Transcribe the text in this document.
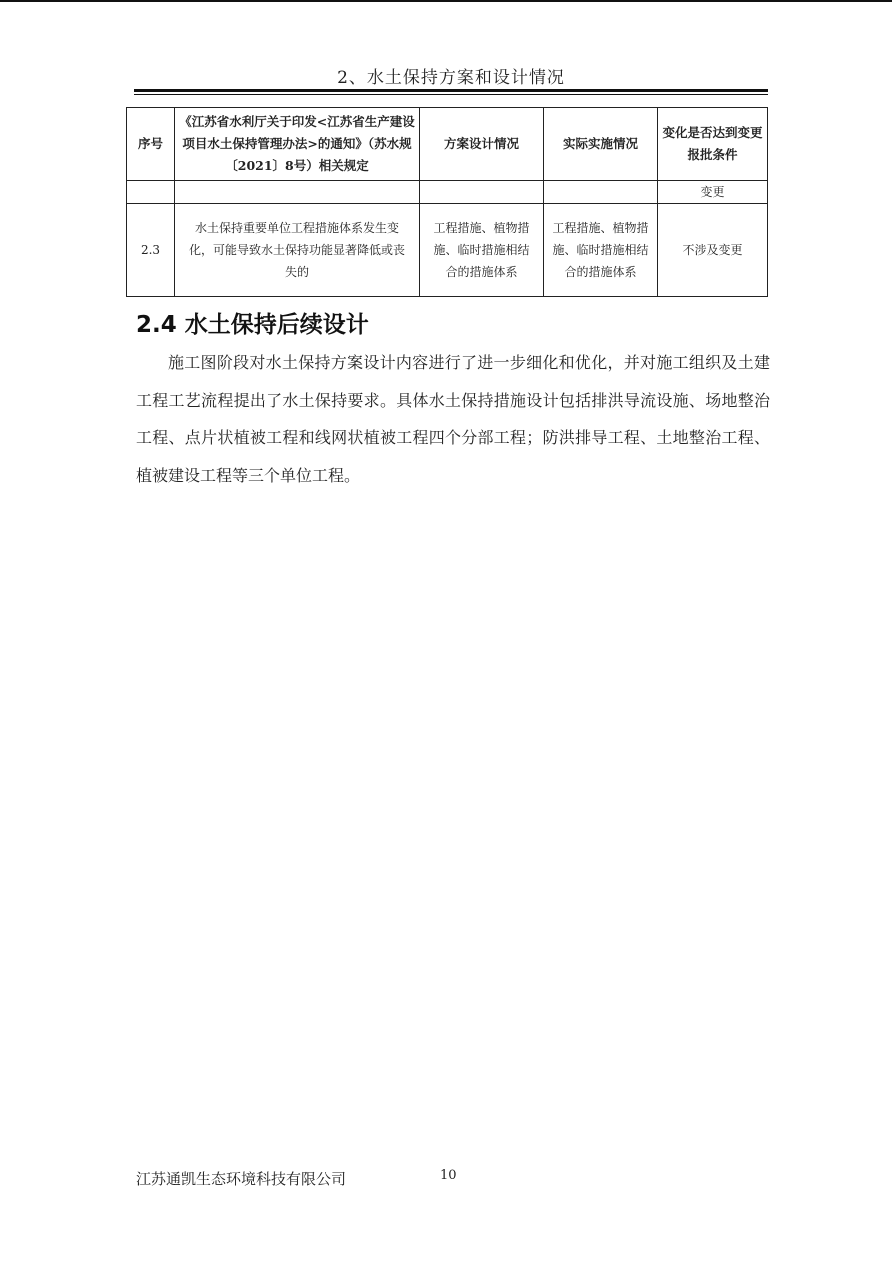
2、水土保持方案和设计情况
序号	《江苏省水利厅关于印发<江苏省生产建设项目水土保持管理办法>的通知》（苏水规〔2021〕8号）相关规定	方案设计情况	实际实施情况	变化是否达到变更报批条件
				变更
2.3	水土保持重要单位工程措施体系发生变化，可能导致水土保持功能显著降低或丧失的	工程措施、植物措施、临时措施相结合的措施体系	工程措施、植物措施、临时措施相结合的措施体系	不涉及变更
2.4 水土保持后续设计

施工图阶段对水土保持方案设计内容进行了进一步细化和优化，并对施工组织及土建工程工艺流程提出了水土保持要求。具体水土保持措施设计包括排洪导流设施、场地整治工程、点片状植被工程和线网状植被工程四个分部工程；防洪排导工程、土地整治工程、植被建设工程等三个单位工程。

江苏通凯生态环境科技有限公司	10
